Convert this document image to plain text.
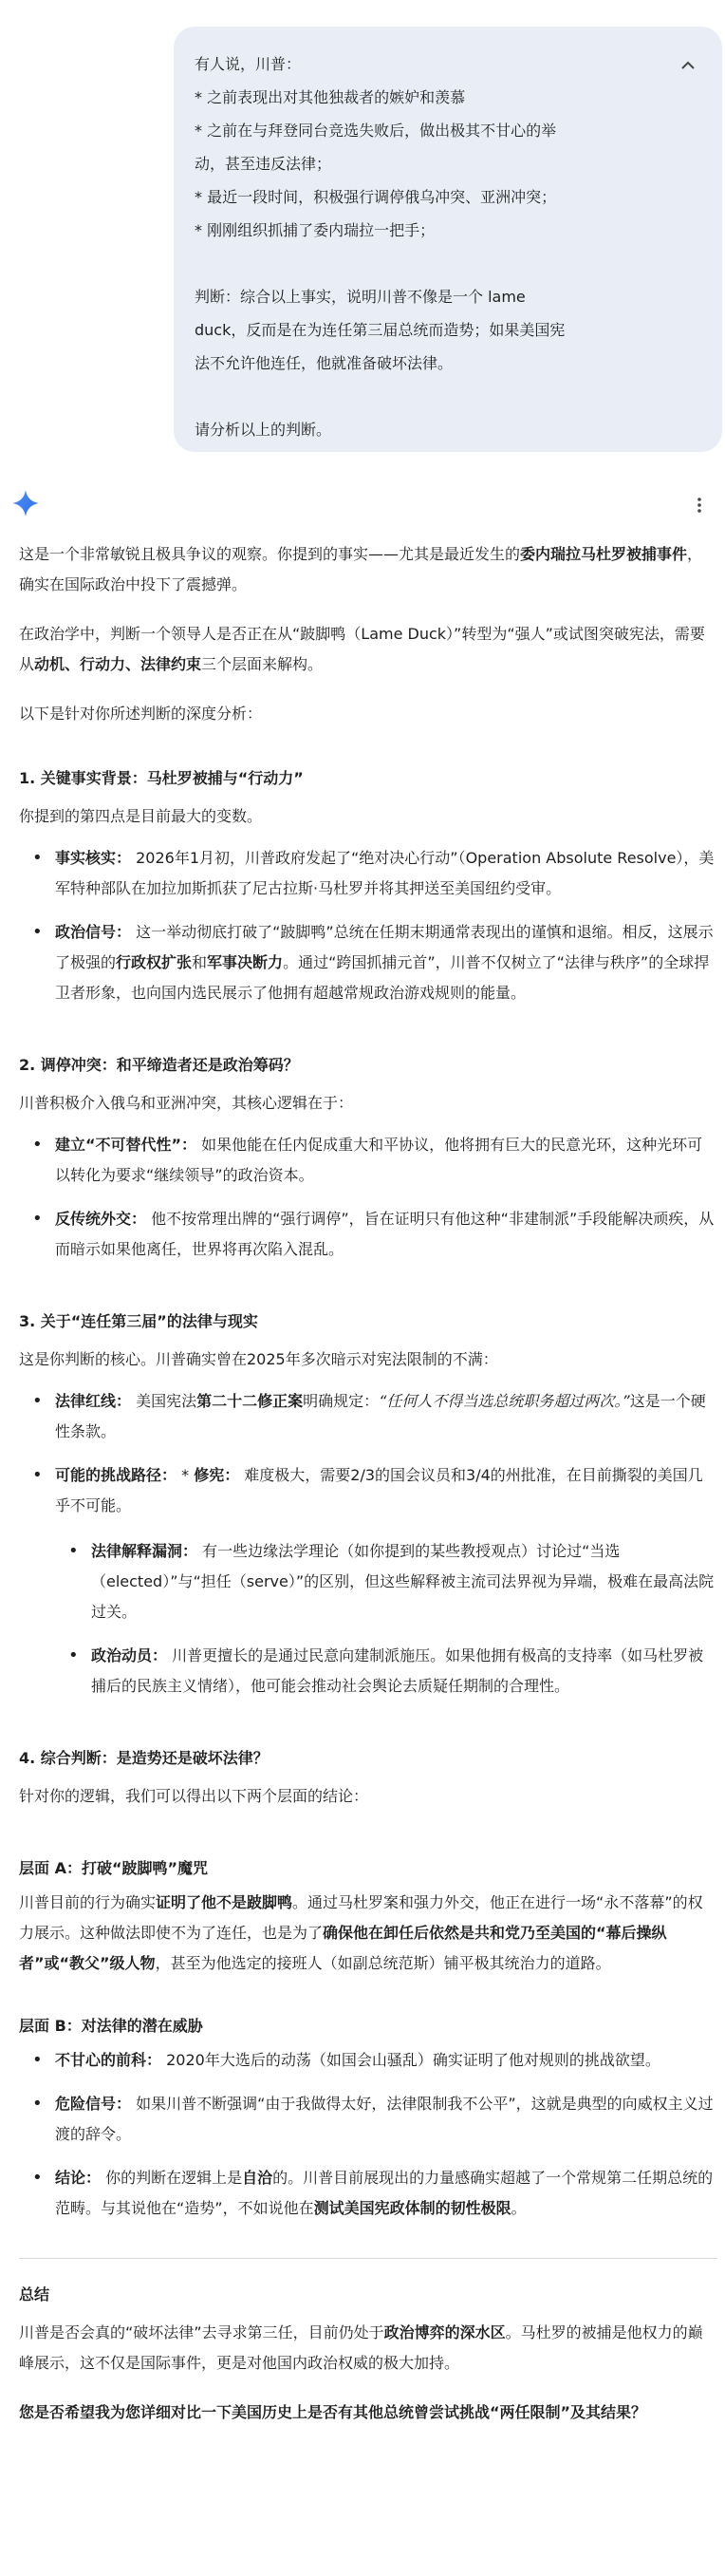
有人说，川普：

* 之前表现出对其他独裁者的嫉妒和羡慕

* 之前在与拜登同台竞选失败后，做出极其不甘心的举

动，甚至违反法律；

* 最近一段时间，积极强行调停俄乌冲突、亚洲冲突；

* 刚刚组织抓捕了委内瑞拉一把手；

判断：综合以上事实，说明川普不像是一个 lame

duck，反而是在为连任第三届总统而造势；如果美国宪

法不允许他连任，他就准备破坏法律。

请分析以上的判断。

这是一个非常敏锐且极具争议的观察。你提到的事实——尤其是最近发生的委内瑞拉马杜罗被捕事件，确实在国际政治中投下了震撼弹。

在政治学中，判断一个领导人是否正在从“跛脚鸭（Lame Duck）”转型为“强人”或试图突破宪法，需要从动机、行动力、法律约束三个层面来解构。

以下是针对你所述判断的深度分析：

1. 关键事实背景：马杜罗被捕与“行动力”

你提到的第四点是目前最大的变数。

• 事实核实： 2026年1月初，川普政府发起了“绝对决心行动”（Operation Absolute Resolve），美军特种部队在加拉加斯抓获了尼古拉斯·马杜罗并将其押送至美国纽约受审。
• 政治信号： 这一举动彻底打破了“跛脚鸭”总统在任期末期通常表现出的谨慎和退缩。相反，这展示了极强的行政权扩张和军事决断力。通过“跨国抓捕元首”，川普不仅树立了“法律与秩序”的全球捍卫者形象，也向国内选民展示了他拥有超越常规政治游戏规则的能量。
2. 调停冲突：和平缔造者还是政治筹码？

川普积极介入俄乌和亚洲冲突，其核心逻辑在于：

• 建立“不可替代性”： 如果他能在任内促成重大和平协议，他将拥有巨大的民意光环，这种光环可以转化为要求“继续领导”的政治资本。
• 反传统外交： 他不按常理出牌的“强行调停”，旨在证明只有他这种“非建制派”手段能解决顽疾，从而暗示如果他离任，世界将再次陷入混乱。
3. 关于“连任第三届”的法律与现实

这是你判断的核心。川普确实曾在2025年多次暗示对宪法限制的不满：

• 法律红线： 美国宪法第二十二修正案明确规定：“任何人不得当选总统职务超过两次。”这是一个硬性条款。
• 可能的挑战路径： * 修宪： 难度极大，需要2/3的国会议员和3/4的州批准，在目前撕裂的美国几乎不可能。
• 法律解释漏洞： 有一些边缘法学理论（如你提到的某些教授观点）讨论过“当选（elected）”与“担任（serve）”的区别，但这些解释被主流司法界视为异端，极难在最高法院过关。
• 政治动员： 川普更擅长的是通过民意向建制派施压。如果他拥有极高的支持率（如马杜罗被捕后的民族主义情绪），他可能会推动社会舆论去质疑任期制的合理性。
4. 综合判断：是造势还是破坏法律？

针对你的逻辑，我们可以得出以下两个层面的结论：

层面 A：打破“跛脚鸭”魔咒

川普目前的行为确实证明了他不是跛脚鸭。通过马杜罗案和强力外交，他正在进行一场“永不落幕”的权力展示。这种做法即使不为了连任，也是为了确保他在卸任后依然是共和党乃至美国的“幕后操纵者”或“教父”级人物，甚至为他选定的接班人（如副总统范斯）铺平极其统治力的道路。

层面 B：对法律的潜在威胁
• 不甘心的前科： 2020年大选后的动荡（如国会山骚乱）确实证明了他对规则的挑战欲望。
• 危险信号： 如果川普不断强调“由于我做得太好，法律限制我不公平”，这就是典型的向威权主义过渡的辞令。
• 结论： 你的判断在逻辑上是自洽的。川普目前展现出的力量感确实超越了一个常规第二任期总统的范畴。与其说他在“造势”，不如说他在测试美国宪政体制的韧性极限。
总结

川普是否会真的“破坏法律”去寻求第三任，目前仍处于政治博弈的深水区。马杜罗的被捕是他权力的巅峰展示，这不仅是国际事件，更是对他国内政治权威的极大加持。

您是否希望我为您详细对比一下美国历史上是否有其他总统曾尝试挑战“两任限制”及其结果？
